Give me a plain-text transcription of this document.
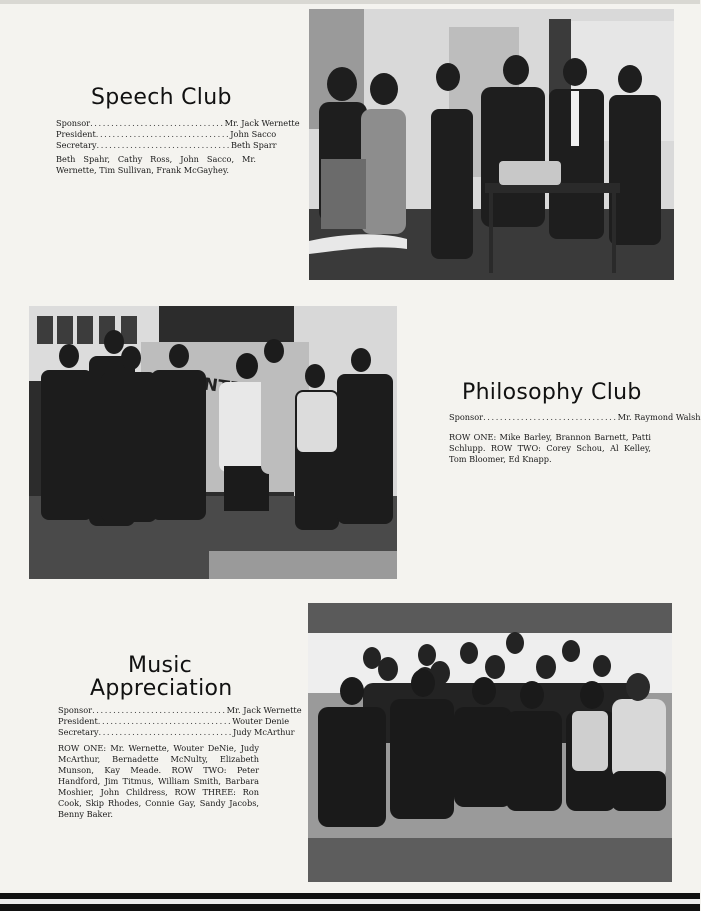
Speech Club
Sponsor ................................ Mr. Jack Wernette
President ................................ John Sacco
Secretary ................................ Beth Sparr

Beth Spahr, Cathy Ross, John Sacco, Mr. Wernette, Tim Sullivan, Frank McGayhey.

Philosophy Club
Sponsor ................................ Mr. Raymond Walsh

ROW ONE: Mike Barley, Brannon Barnett, Patti Schlupp. ROW TWO: Corey Schou, Al Kelley, Tom Bloomer, Ed Knapp.

Music
Appreciation
Sponsor ................................ Mr. Jack Wernette
President ................................ Wouter Denie
Secretary ................................ Judy McArthur

ROW ONE: Mr. Wernette, Wouter DeNie, Judy McArthur, Bernadette McNulty, Elizabeth Munson, Kay Meade. ROW TWO: Peter Handford, Jim Titmus, William Smith, Barbara Moshier, John Childress, ROW THREE: Ron Cook, Skip Rhodes, Connie Gay, Sandy Jacobs, Benny Baker.
